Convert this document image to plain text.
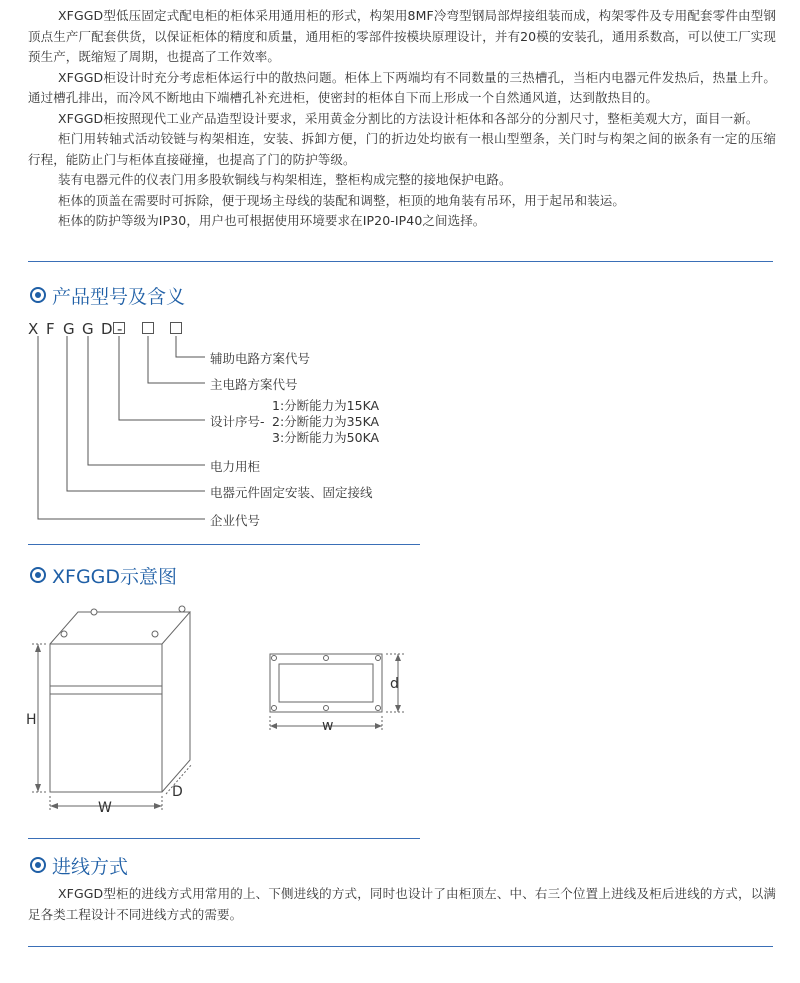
XFGGD型低压固定式配电柜的柜体采用通用柜的形式，构架用8MF冷弯型钢局部焊接组装而成，构架零件及专用配套零件由型钢顶点生产厂配套供货，以保证柜体的精度和质量，通用柜的零部件按模块原理设计，并有20模的安装孔，通用系数高，可以使工厂实现预生产，既缩短了周期，也提高了工作效率。

XFGGD柜设计时充分考虑柜体运行中的散热问题。柜体上下两端均有不同数量的三热槽孔，当柜内电器元件发热后，热量上升。通过槽孔排出，而冷风不断地由下端槽孔补充进柜，使密封的柜体自下而上形成一个自然通风道，达到散热目的。

XFGGD柜按照现代工业产品造型设计要求，采用黄金分割比的方法设计柜体和各部分的分割尺寸，整柜美观大方，面目一新。

柜门用转轴式活动铰链与构架相连，安装、拆卸方便，门的折边处均嵌有一根山型塑条，关门时与构架之间的嵌条有一定的压缩行程，能防止门与柜体直接碰撞，也提高了门的防护等级。

装有电器元件的仪表门用多股软铜线与构架相连，整柜构成完整的接地保护电路。

柜体的顶盖在需要时可拆除，便于现场主母线的装配和调整，柜顶的地角装有吊环，用于起吊和装运。

柜体的防护等级为IP30，用户也可根据使用环境要求在IP20-IP40之间选择。

产品型号及含义
X F G G D -
辅助电路方案代号
主电路方案代号
设计序号-
1:分断能力为15KA
2:分断能力为35KA
3:分断能力为50KA
电力用柜
电器元件固定安装、固定接线
企业代号
XFGGD示意图
H
W
D
d
w
进线方式

XFGGD型柜的进线方式用常用的上、下侧进线的方式，同时也设计了由柜顶左、中、右三个位置上进线及柜后进线的方式，以满足各类工程设计不同进线方式的需要。
